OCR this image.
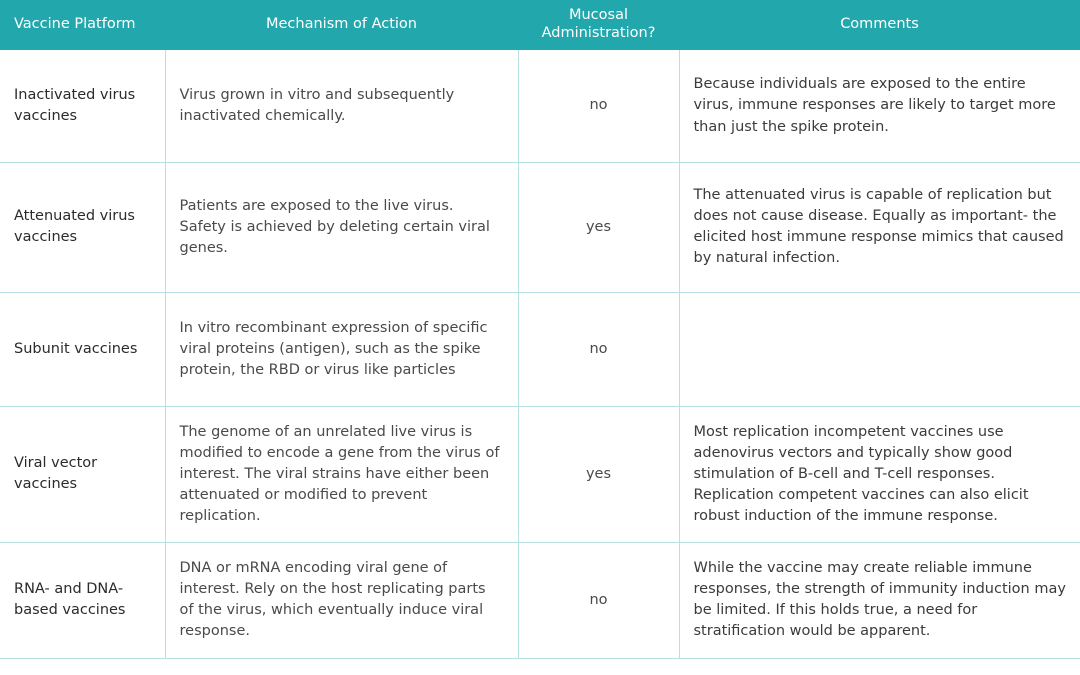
Vaccine Platform	Mechanism of Action	Mucosal Administration?	Comments
Inactivated virus vaccines	Virus grown in vitro and subsequently inactivated chemically.	no	Because individuals are exposed to the entire virus, immune responses are likely to target more than just the spike protein.
Attenuated virus vaccines	Patients are exposed to the live virus. Safety is achieved by deleting certain viral genes.	yes	The attenuated virus is capable of replication but does not cause disease. Equally as important- the elicited host immune response mimics that caused by natural infection.
Subunit vaccines	In vitro recombinant expression of specific viral proteins (antigen), such as the spike protein, the RBD or virus like particles	no	
Viral vector vaccines	The genome of an unrelated live virus is modified to encode a gene from the virus of interest. The viral strains have either been attenuated or modified to prevent replication.	yes	Most replication incompetent vaccines use adenovirus vectors and typically show good stimulation of B-cell and T-cell responses. Replication competent vaccines can also elicit robust induction of the immune response.
RNA- and DNA-based vaccines	DNA or mRNA encoding viral gene of interest. Rely on the host replicating parts of the virus, which eventually induce viral response.	no	While the vaccine may create reliable immune responses, the strength of immunity induction may be limited. If this holds true, a need for stratification would be apparent.
